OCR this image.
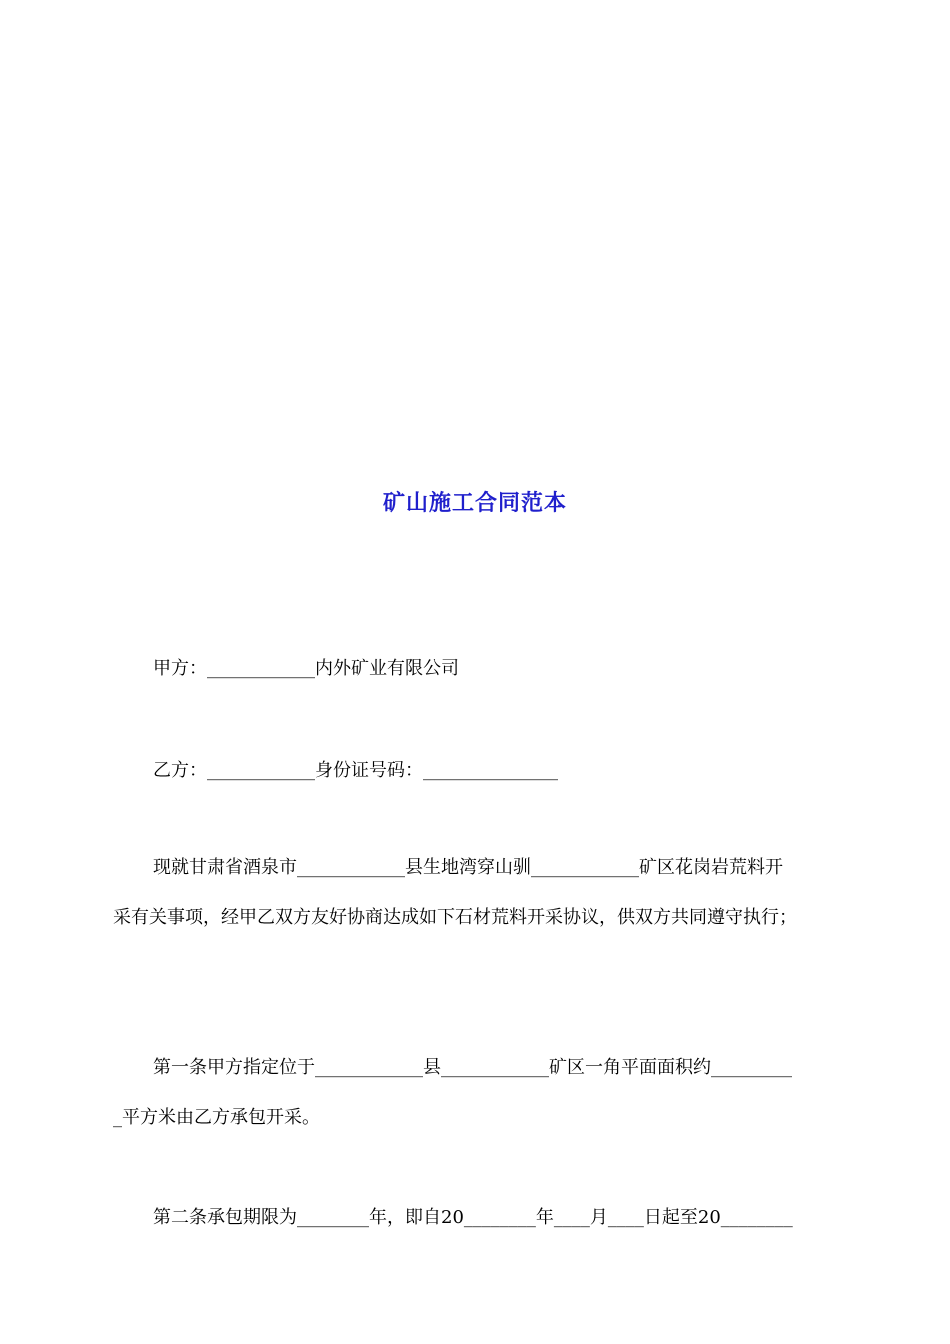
矿山施工合同范本
甲方：____________内外矿业有限公司
乙方：____________身份证号码：_______________
现就甘肃省酒泉市____________县生地湾穿山驯____________矿区花岗岩荒料开
采有关事项，经甲乙双方友好协商达成如下石材荒料开采协议，供双方共同遵守执行；
第一条甲方指定位于____________县____________矿区一角平面面积约_________
_平方米由乙方承包开采。
第二条承包期限为________年，即自20________年____月____日起至20________
